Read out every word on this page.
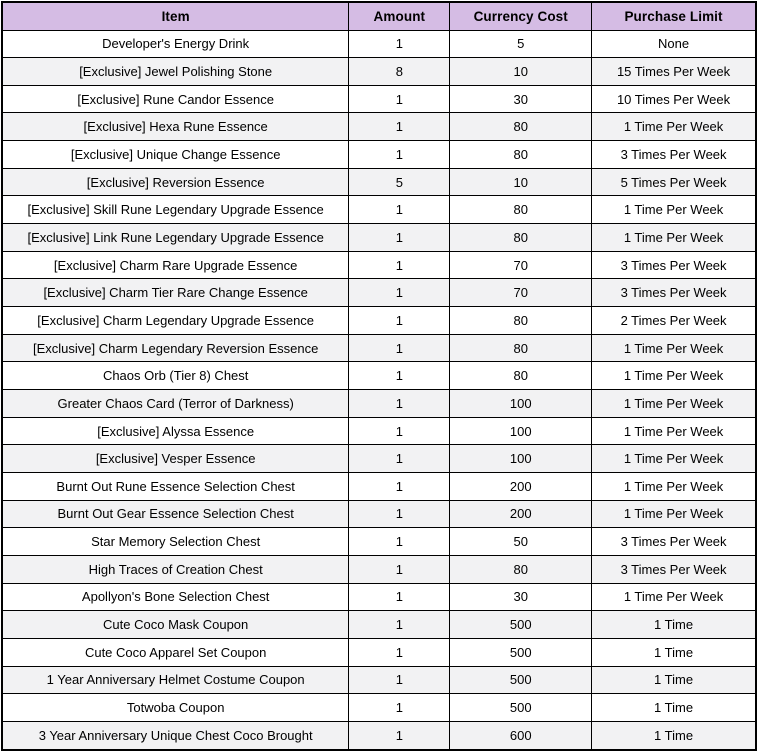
Item	Amount	Currency Cost	Purchase Limit
Developer's Energy Drink	1	5	None
[Exclusive] Jewel Polishing Stone	8	10	15 Times Per Week
[Exclusive] Rune Candor Essence	1	30	10 Times Per Week
[Exclusive] Hexa Rune Essence	1	80	1 Time Per Week
[Exclusive] Unique Change Essence	1	80	3 Times Per Week
[Exclusive] Reversion Essence	5	10	5 Times Per Week
[Exclusive] Skill Rune Legendary Upgrade Essence	1	80	1 Time Per Week
[Exclusive] Link Rune Legendary Upgrade Essence	1	80	1 Time Per Week
[Exclusive] Charm Rare Upgrade Essence	1	70	3 Times Per Week
[Exclusive] Charm Tier Rare Change Essence	1	70	3 Times Per Week
[Exclusive] Charm Legendary Upgrade Essence	1	80	2 Times Per Week
[Exclusive] Charm Legendary Reversion Essence	1	80	1 Time Per Week
Chaos Orb (Tier 8) Chest	1	80	1 Time Per Week
Greater Chaos Card (Terror of Darkness)	1	100	1 Time Per Week
[Exclusive] Alyssa Essence	1	100	1 Time Per Week
[Exclusive] Vesper Essence	1	100	1 Time Per Week
Burnt Out Rune Essence Selection Chest	1	200	1 Time Per Week
Burnt Out Gear Essence Selection Chest	1	200	1 Time Per Week
Star Memory Selection Chest	1	50	3 Times Per Week
High Traces of Creation Chest	1	80	3 Times Per Week
Apollyon's Bone Selection Chest	1	30	1 Time Per Week
Cute Coco Mask Coupon	1	500	1 Time
Cute Coco Apparel Set Coupon	1	500	1 Time
1 Year Anniversary Helmet Costume Coupon	1	500	1 Time
Totwoba Coupon	1	500	1 Time
3 Year Anniversary Unique Chest Coco Brought	1	600	1 Time
